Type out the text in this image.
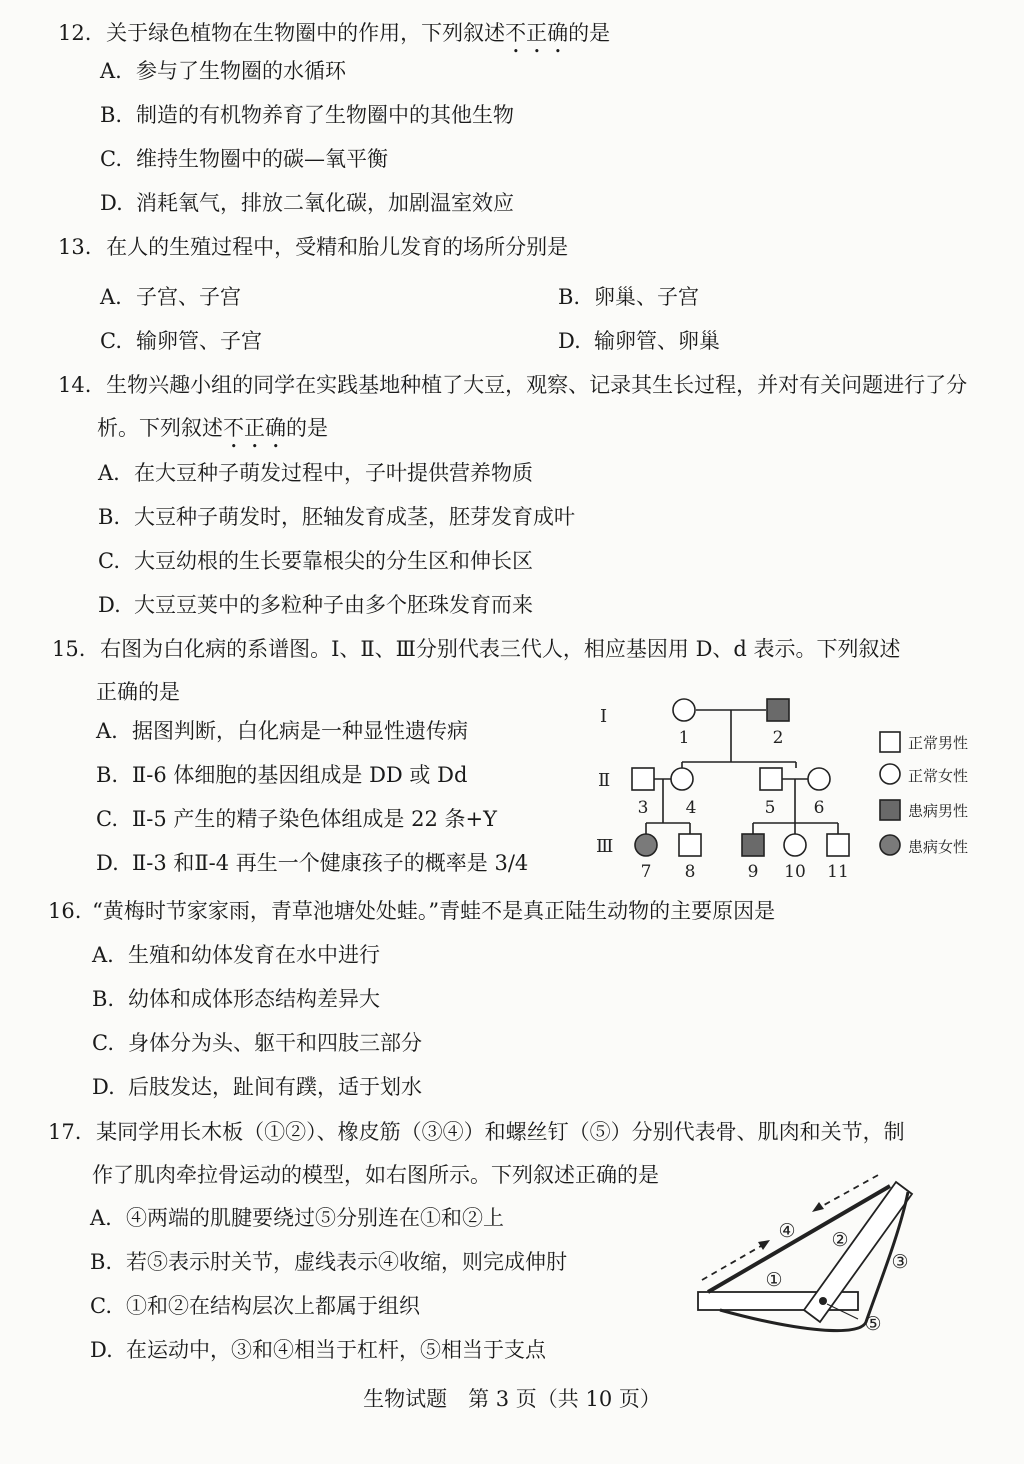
12. 关于绿色植物在生物圈中的作用，下列叙述不正确的是
A. 参与了生物圈的水循环
B. 制造的有机物养育了生物圈中的其他生物
C. 维持生物圈中的碳—氧平衡
D. 消耗氧气，排放二氧化碳，加剧温室效应
13. 在人的生殖过程中，受精和胎儿发育的场所分别是
A. 子宫、子宫	B. 卵巢、子宫
C. 输卵管、子宫	D. 输卵管、卵巢
14. 生物兴趣小组的同学在实践基地种植了大豆，观察、记录其生长过程，并对有关问题进行了分
析。下列叙述不正确的是
A. 在大豆种子萌发过程中，子叶提供营养物质
B. 大豆种子萌发时，胚轴发育成茎，胚芽发育成叶
C. 大豆幼根的生长要靠根尖的分生区和伸长区
D. 大豆豆荚中的多粒种子由多个胚珠发育而来
15. 右图为白化病的系谱图。Ⅰ、Ⅱ、Ⅲ分别代表三代人，相应基因用 D、d 表示。下列叙述
正确的是
A. 据图判断，白化病是一种显性遗传病
B. Ⅱ-6 体细胞的基因组成是 DD 或 Dd
C. Ⅱ-5 产生的精子染色体组成是 22 条+Y
D. Ⅱ-3 和Ⅱ-4 再生一个健康孩子的概率是 3/4
Ⅰ
Ⅱ
Ⅲ
1	2
3 4	5 6
7 8	9 10 11
正常男性
正常女性
患病男性
患病女性
16. “黄梅时节家家雨，青草池塘处处蛙。”青蛙不是真正陆生动物的主要原因是
A. 生殖和幼体发育在水中进行
B. 幼体和成体形态结构差异大
C. 身体分为头、躯干和四肢三部分
D. 后肢发达，趾间有蹼，适于划水
17. 某同学用长木板（①②）、橡皮筋（③④）和螺丝钉（⑤）分别代表骨、肌肉和关节，制
作了肌肉牵拉骨运动的模型，如右图所示。下列叙述正确的是
A. ④两端的肌腱要绕过⑤分别连在①和②上
B. 若⑤表示肘关节，虚线表示④收缩，则完成伸肘
C. ①和②在结构层次上都属于组织
D. 在运动中，③和④相当于杠杆，⑤相当于支点
①
②
③
④
⑤
生物试题　第 3 页（共 10 页）
